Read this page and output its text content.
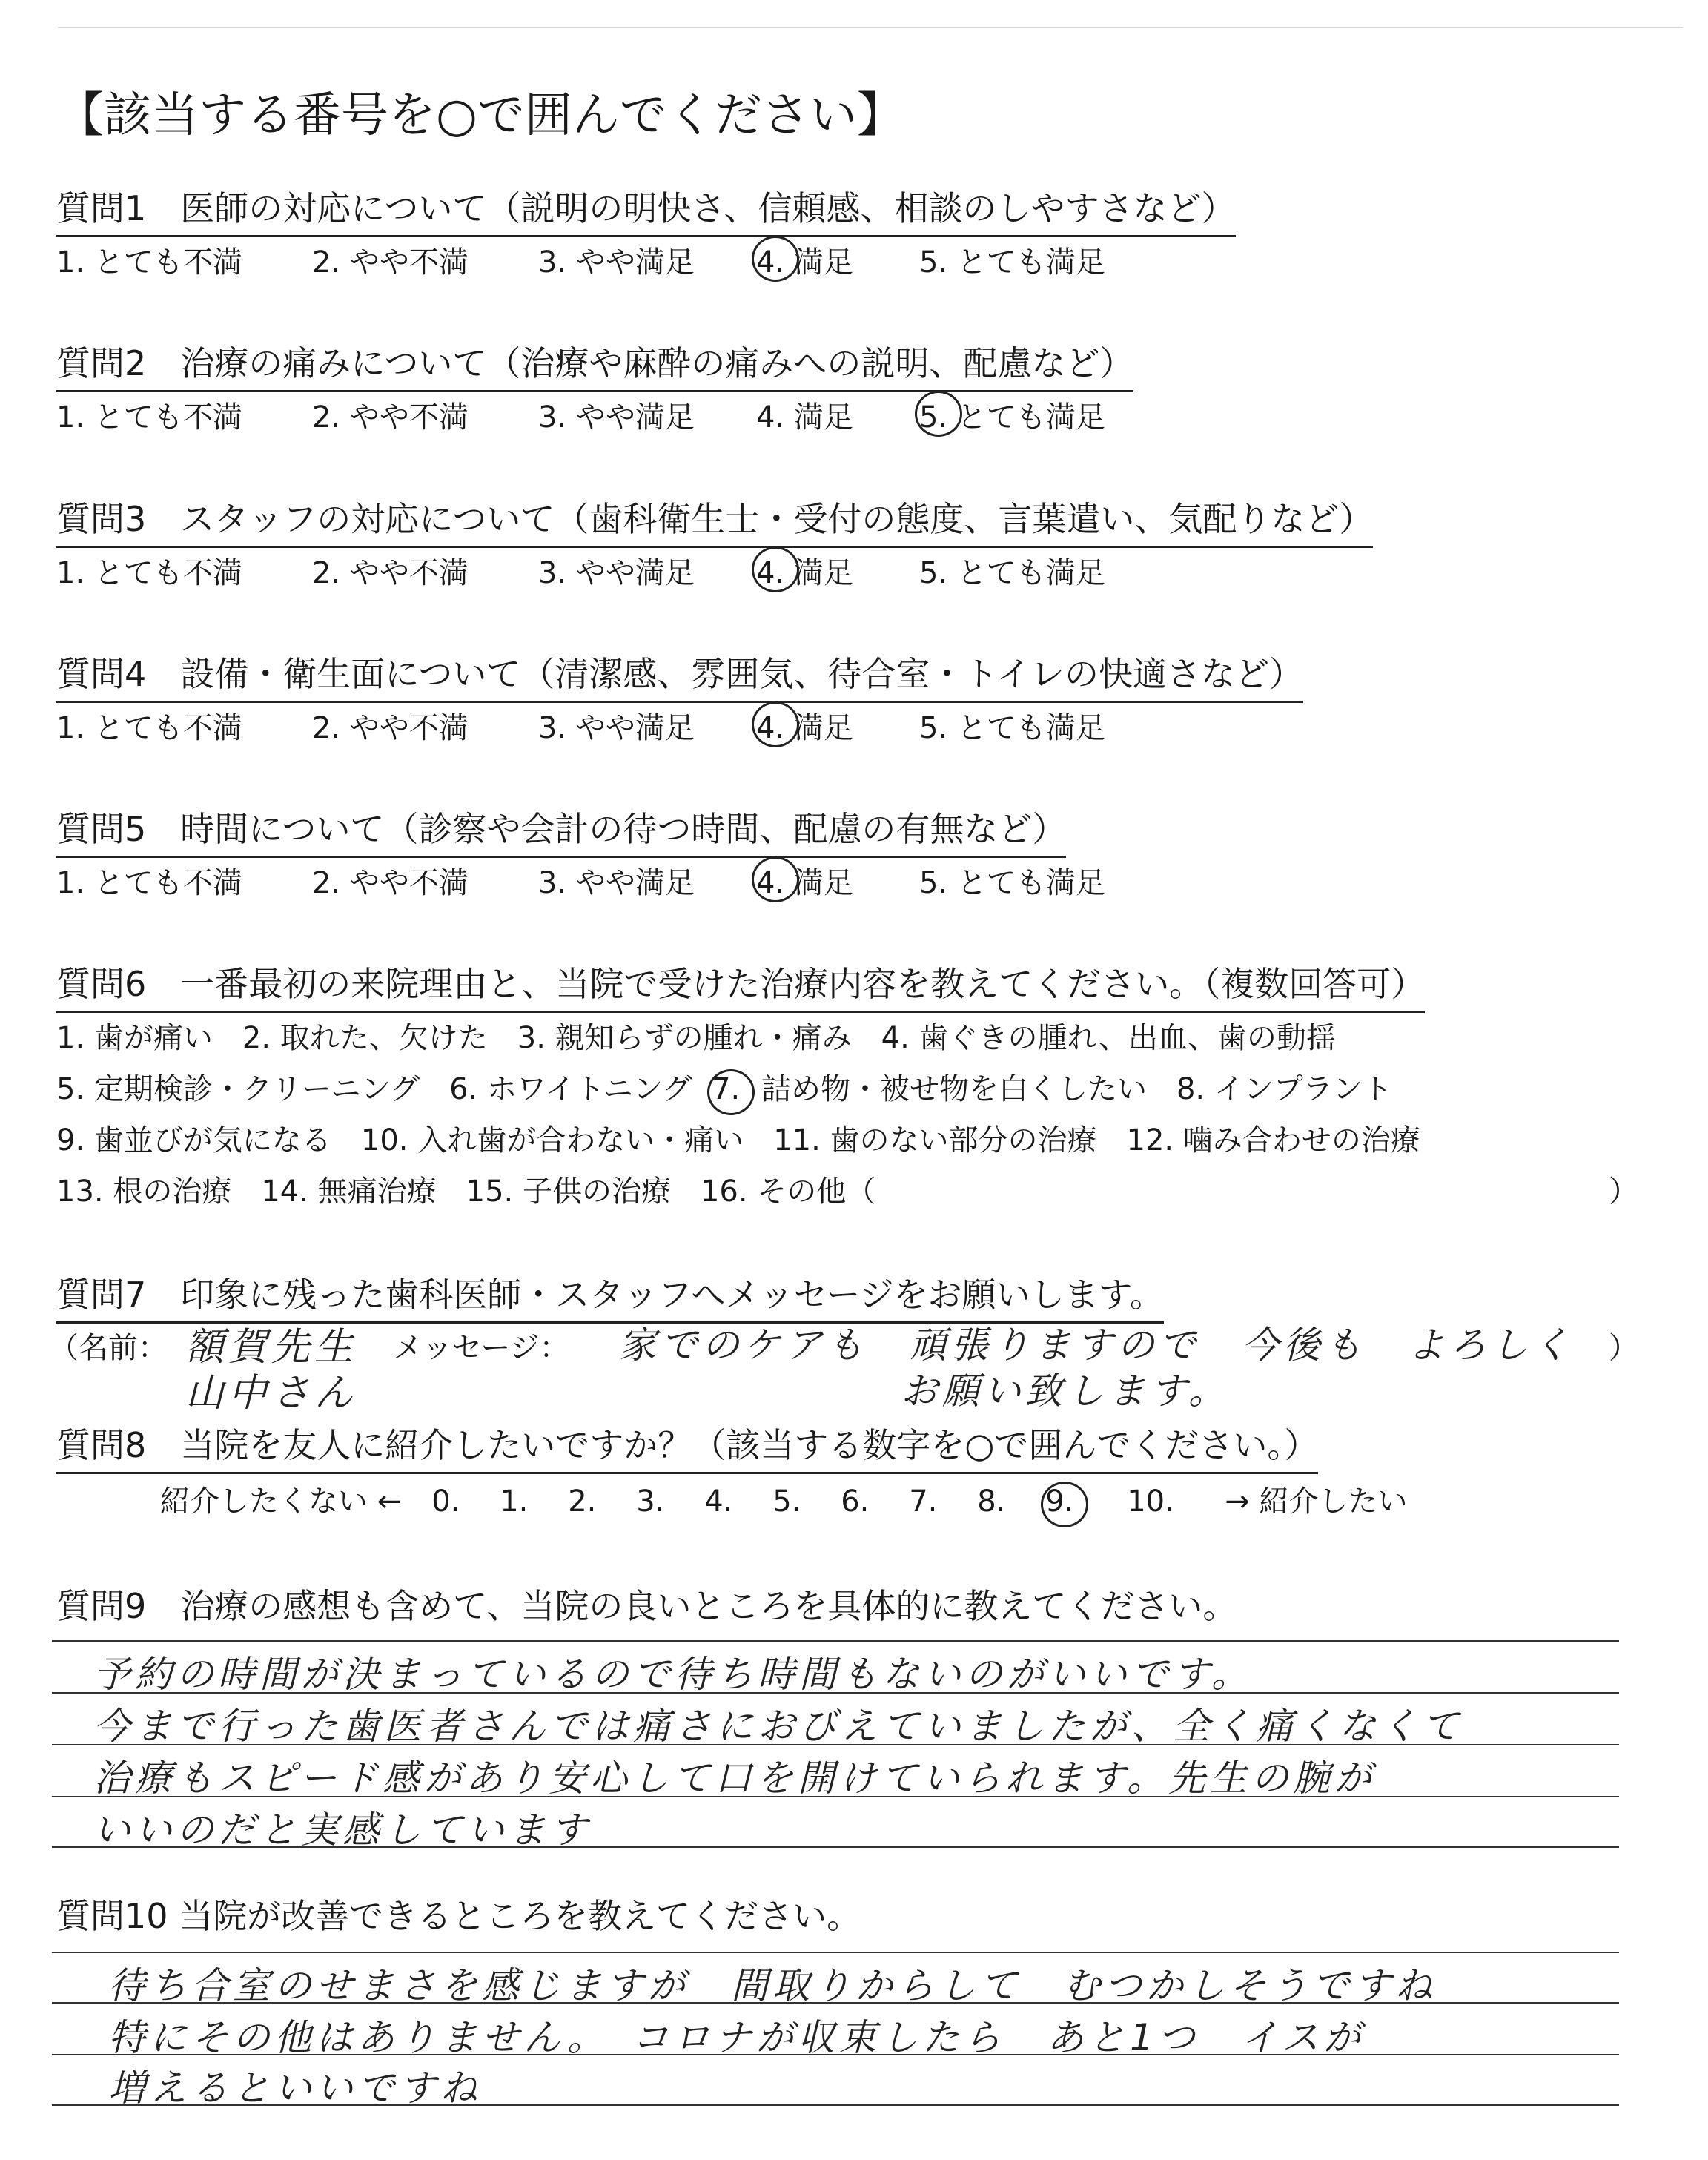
【該当する番号を○で囲んでください】
質問1　医師の対応について（説明の明快さ、信頼感、相談のしやすさなど）
1. とても不満 2. やや不満 3. やや満足 4. 満足 5. とても満足
質問2　治療の痛みについて（治療や麻酔の痛みへの説明、配慮など）
1. とても不満 2. やや不満 3. やや満足 4. 満足 5. とても満足
質問3　スタッフの対応について（歯科衛生士・受付の態度、言葉遣い、気配りなど）
1. とても不満 2. やや不満 3. やや満足 4. 満足 5. とても満足
質問4　設備・衛生面について（清潔感、雰囲気、待合室・トイレの快適さなど）
1. とても不満 2. やや不満 3. やや満足 4. 満足 5. とても満足
質問5　時間について（診察や会計の待つ時間、配慮の有無など）
1. とても不満 2. やや不満 3. やや満足 4. 満足 5. とても満足
質問6　一番最初の来院理由と、当院で受けた治療内容を教えてください。（複数回答可）
1. 歯が痛い　2. 取れた、欠けた　3. 親知らずの腫れ・痛み　4. 歯ぐきの腫れ、出血、歯の動揺
5. 定期検診・クリーニング　6. ホワイトニング 7. 詰め物・被せ物を白くしたい　8. インプラント
9. 歯並びが気になる　10. 入れ歯が合わない・痛い　11. 歯のない部分の治療　12. 噛み合わせの治療
13. 根の治療　14. 無痛治療　15. 子供の治療　16. その他（	）
質問7　印象に残った歯科医師・スタッフへメッセージをお願いします。
（名前： 額賀先生
山中さん
メッセージ： 家でのケアも　頑張りますので　今後も　よろしく
お願い致します。
）
質問8　当院を友人に紹介したいですか？（該当する数字を○で囲んでください。）
紹介したくない ← 0. 1. 2. 3. 4. 5. 6. 7. 8. 9. 10. → 紹介したい
質問9　治療の感想も含めて、当院の良いところを具体的に教えてください。
予約の時間が決まっているので待ち時間もないのがいいです。
今まで行った歯医者さんでは痛さにおびえていましたが、全く痛くなくて
治療もスピード感があり安心して口を開けていられます。先生の腕が
いいのだと実感しています
質問10 当院が改善できるところを教えてください。
待ち合室のせまさを感じますが　間取りからして　むつかしそうですね
特にその他はありません。　コロナが収束したら　あと1つ　イスが
増えるといいですね
